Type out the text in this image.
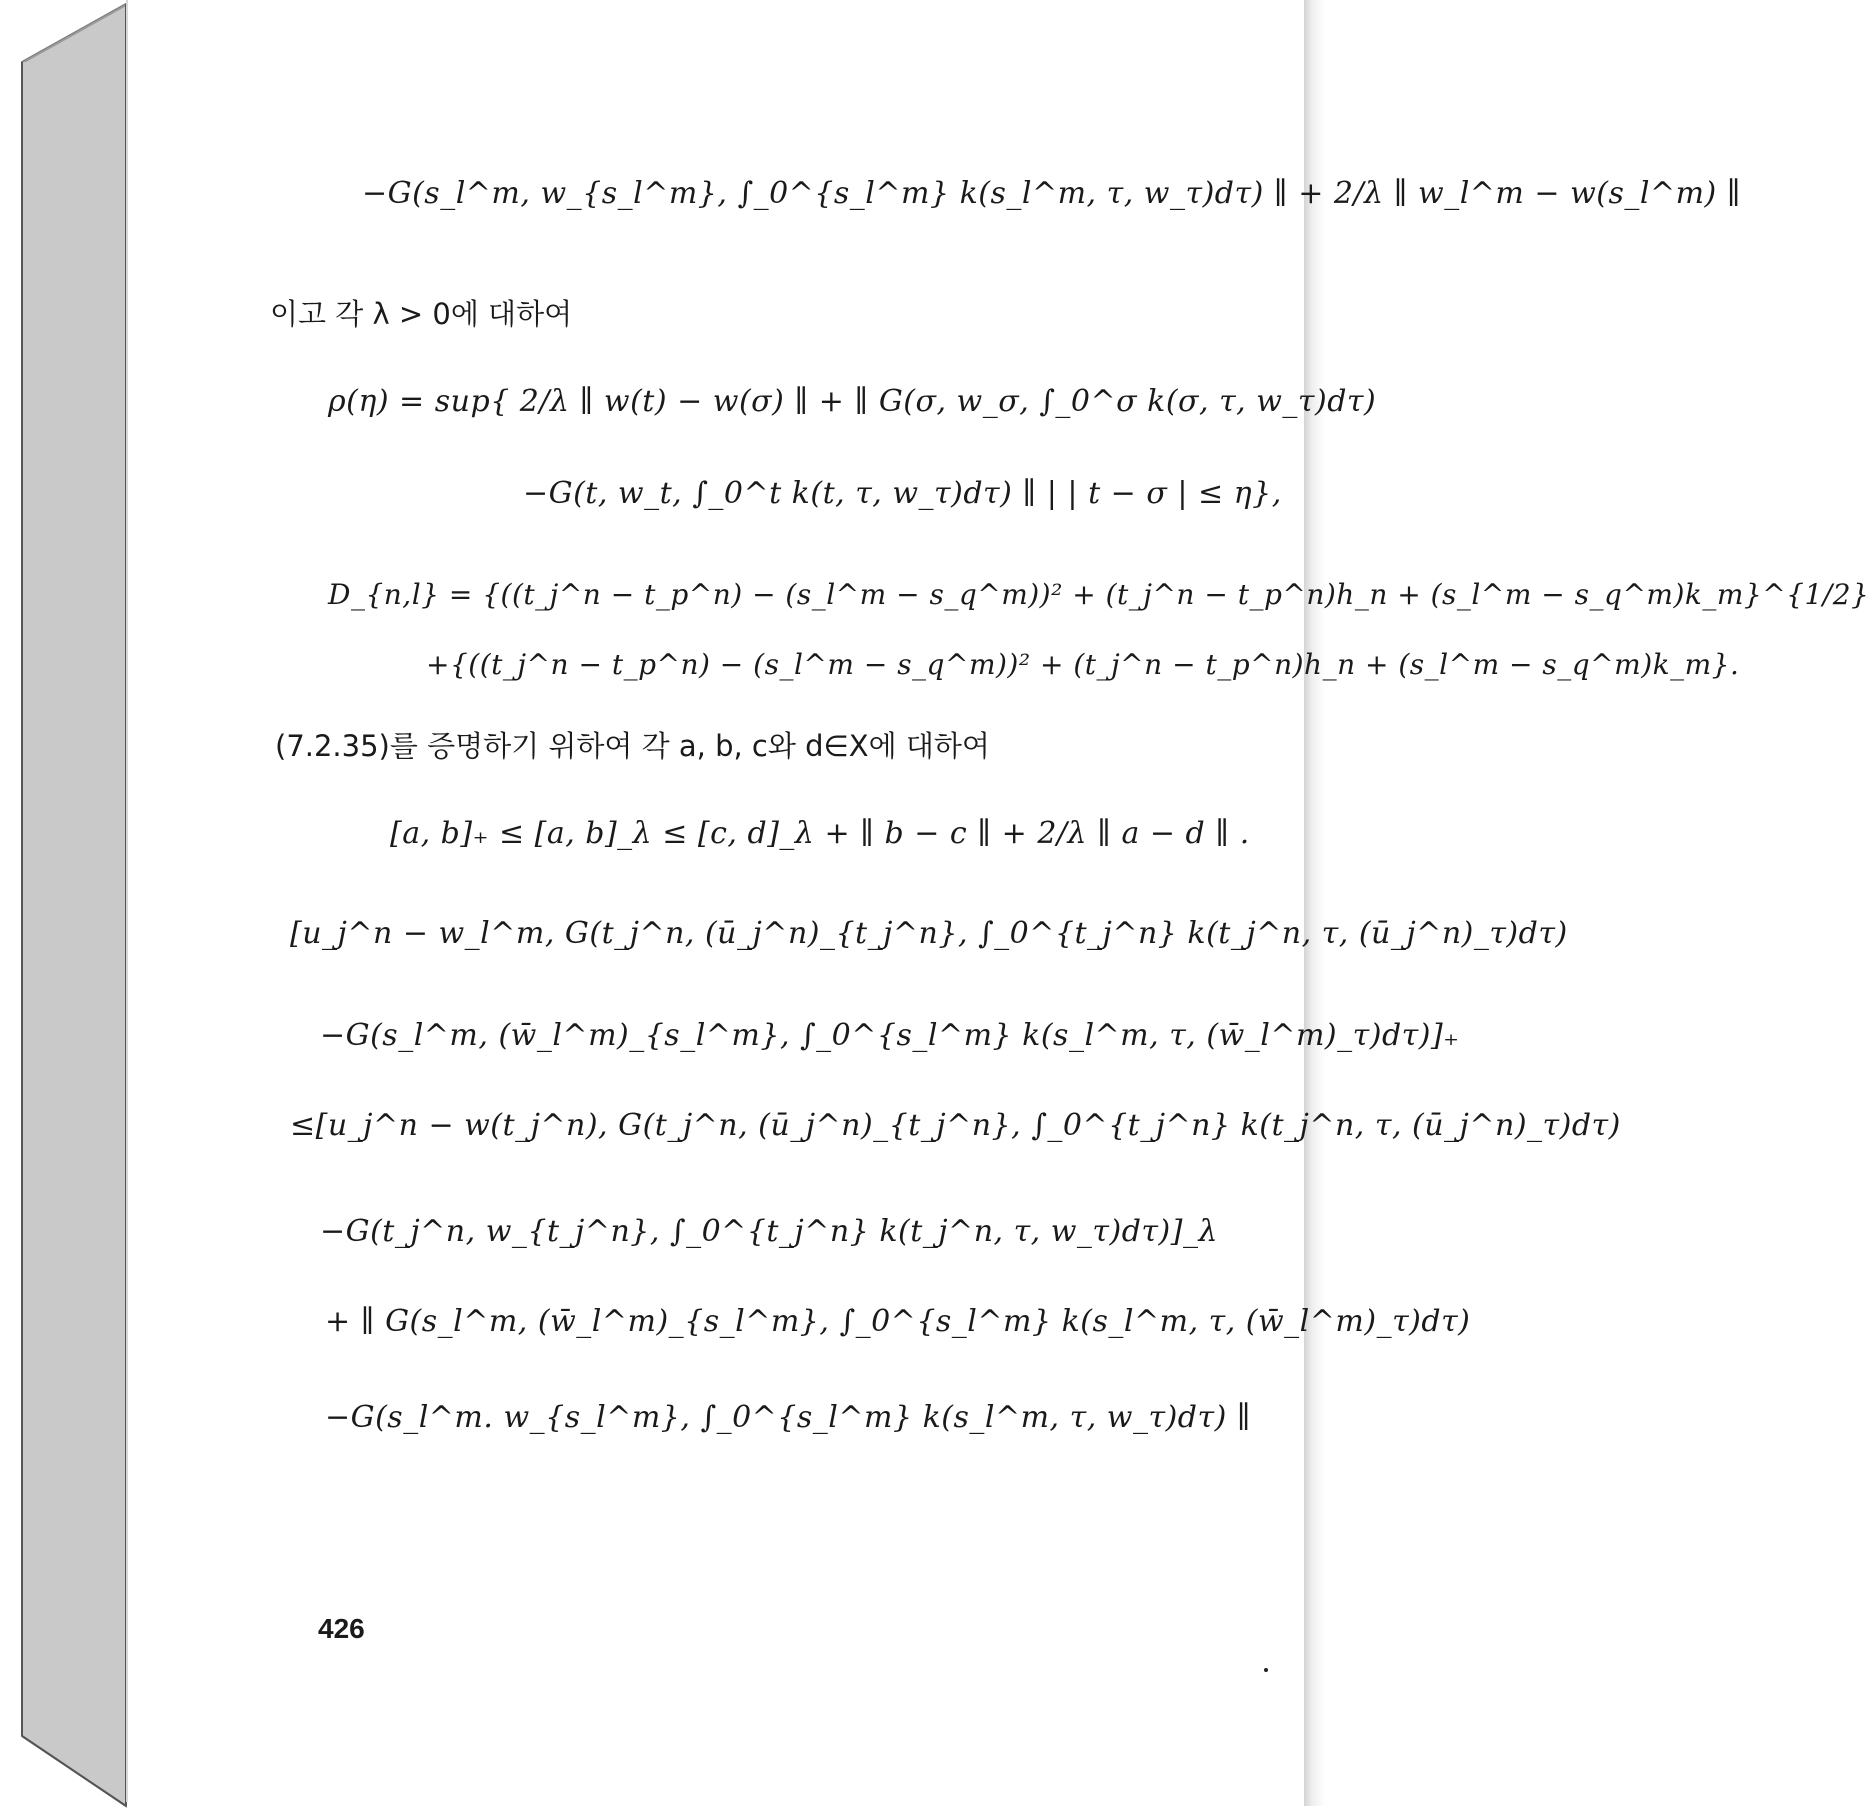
−G(s_l^m, w_{s_l^m}, ∫_0^{s_l^m} k(s_l^m, τ, w_τ)dτ) ∥ + 2/λ ∥ w_l^m − w(s_l^m) ∥
이고 각 λ > 0에 대하여
ρ(η) = sup{ 2/λ ∥ w(t) − w(σ) ∥ + ∥ G(σ, w_σ, ∫_0^σ k(σ, τ, w_τ)dτ)
−G(t, w_t, ∫_0^t k(t, τ, w_τ)dτ) ∥ | | t − σ | ≤ η},
D_{n,l} = {((t_j^n − t_p^n) − (s_l^m − s_q^m))² + (t_j^n − t_p^n)h_n + (s_l^m − s_q^m)k_m}^{1/2}
+{((t_j^n − t_p^n) − (s_l^m − s_q^m))² + (t_j^n − t_p^n)h_n + (s_l^m − s_q^m)k_m}.
(7.2.35)를 증명하기 위하여 각 a, b, c와 d∈X에 대하여
[a, b]₊ ≤ [a, b]_λ ≤ [c, d]_λ + ∥ b − c ∥ + 2/λ ∥ a − d ∥ .
[u_j^n − w_l^m, G(t_j^n, (ū_j^n)_{t_j^n}, ∫_0^{t_j^n} k(t_j^n, τ, (ū_j^n)_τ)dτ)
−G(s_l^m, (w̄_l^m)_{s_l^m}, ∫_0^{s_l^m} k(s_l^m, τ, (w̄_l^m)_τ)dτ)]₊
≤[u_j^n − w(t_j^n), G(t_j^n, (ū_j^n)_{t_j^n}, ∫_0^{t_j^n} k(t_j^n, τ, (ū_j^n)_τ)dτ)
−G(t_j^n, w_{t_j^n}, ∫_0^{t_j^n} k(t_j^n, τ, w_τ)dτ)]_λ
+ ∥ G(s_l^m, (w̄_l^m)_{s_l^m}, ∫_0^{s_l^m} k(s_l^m, τ, (w̄_l^m)_τ)dτ)
−G(s_l^m. w_{s_l^m}, ∫_0^{s_l^m} k(s_l^m, τ, w_τ)dτ) ∥
426
